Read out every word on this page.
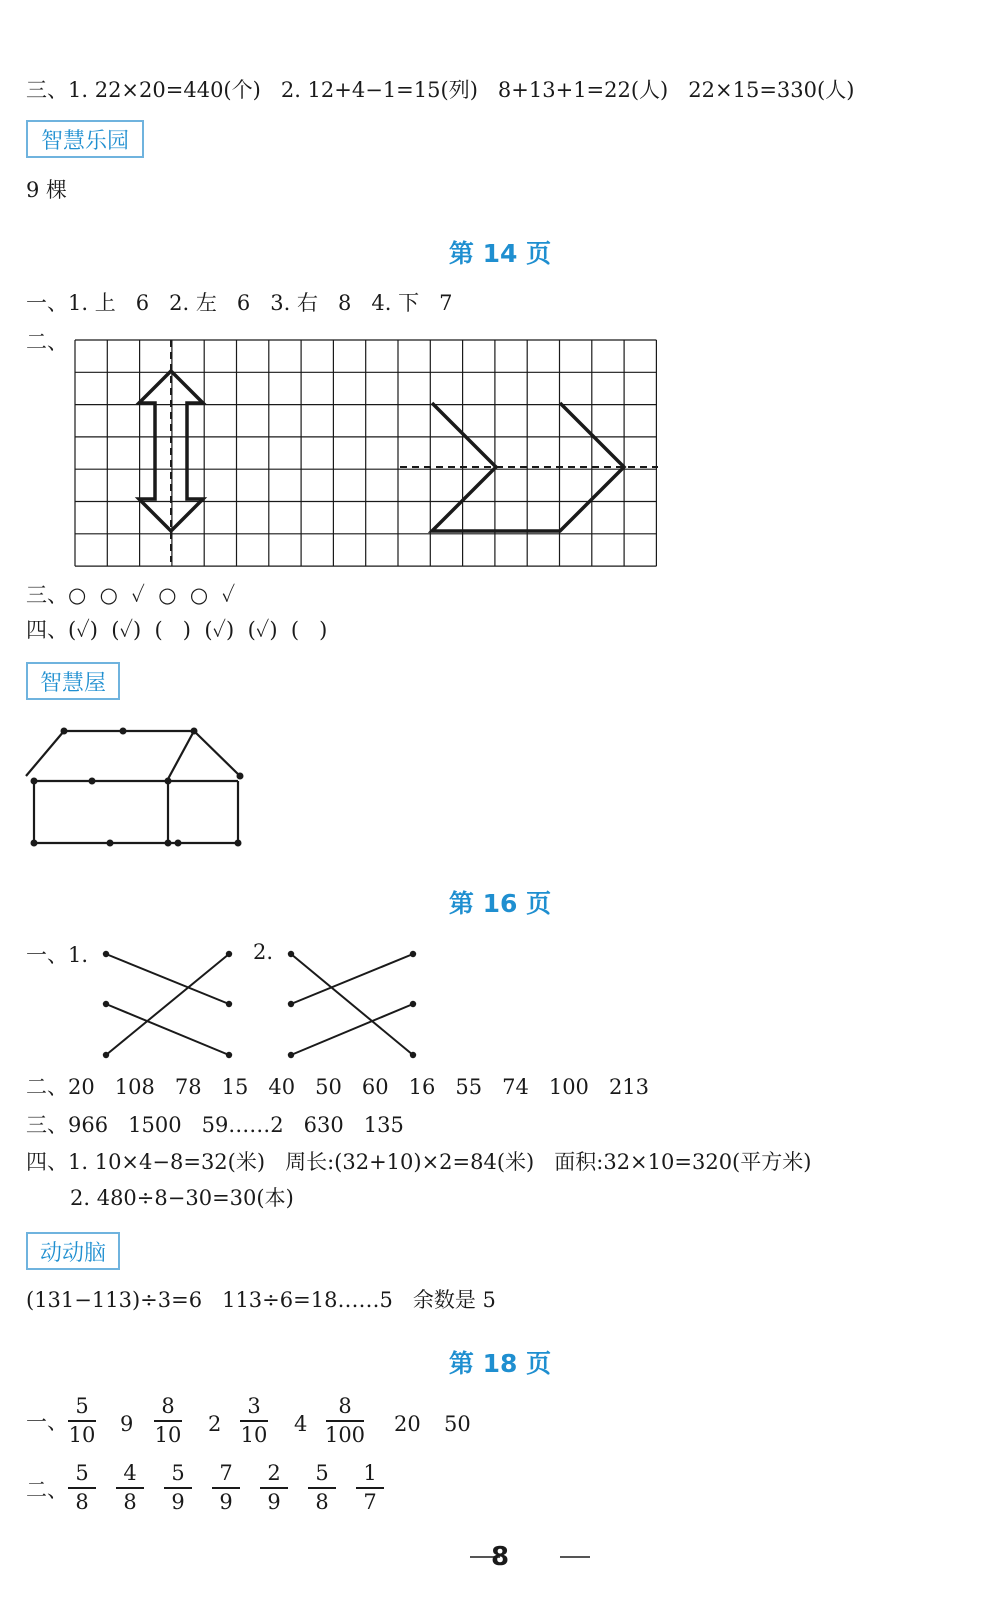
三、1. 22×20=440(个)   2. 12+4−1=15(列)   8+13+1=22(人)   22×15=330(人)
智慧乐园
9 棵
第 14 页
一、1. 上   6   2. 左   6   3. 右   8   4. 下   7
二、
三、○  ○  ✓  ○  ○  ✓
四、(✓)  (✓)  (   )  (✓)  (✓)  (   )
智慧屋
第 16 页
一、1.	2.
二、20   108   78   15   40   50   60   16   55   74   100   213
三、966   1500   59……2   630   135
四、1. 10×4−8=32(米)   周长:(32+10)×2=84(米)   面积:32×10=320(平方米)
2. 480÷8−30=30(本)
动动脑
(131−113)÷3=6   113÷6=18……5   余数是 5
第 18 页
一、
5
10	9
8
10	2
3
10	4
8
100 20 50
二、
5
8
4
8
5
9
7
9
2
9
5
8
1
7
8
